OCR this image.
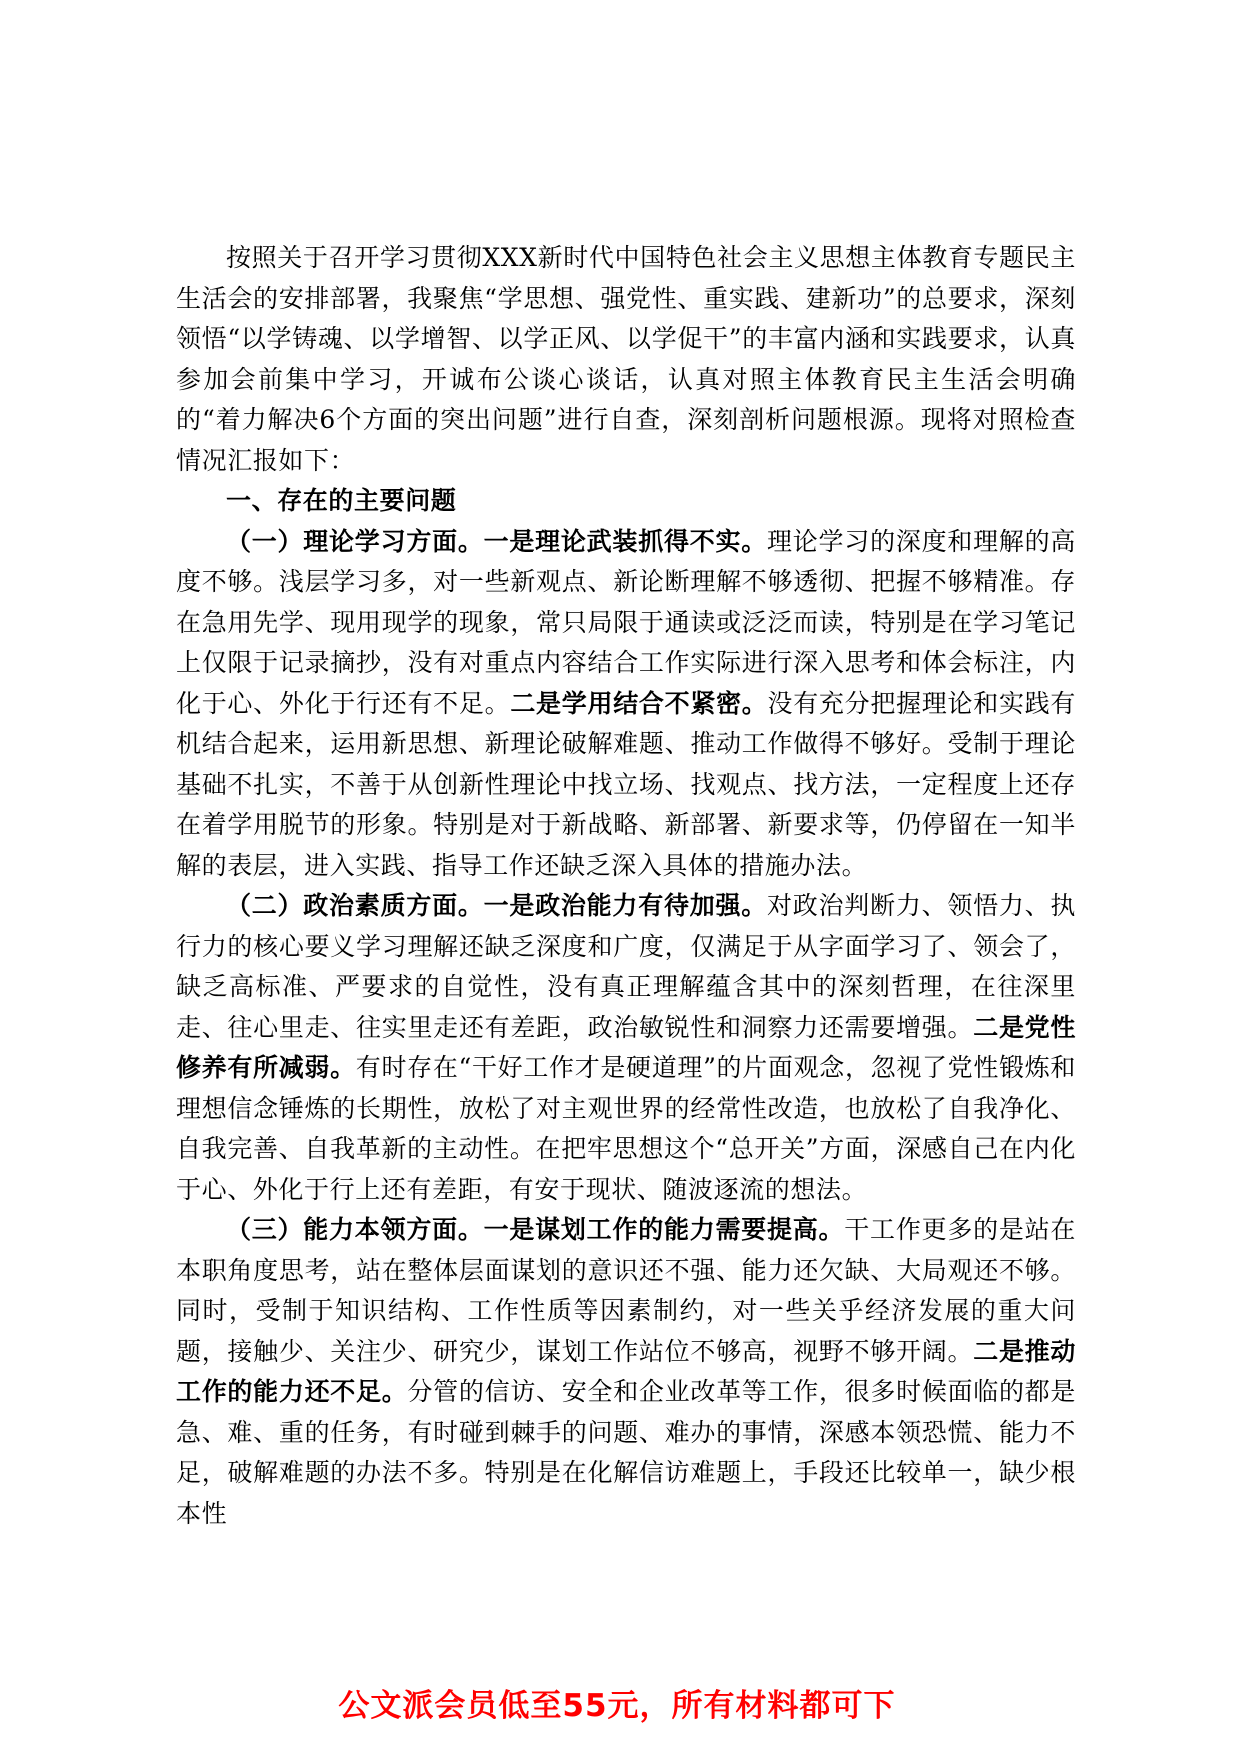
按照关于召开学习贯彻XXX新时代中国特色社会主义思想主体教育专题民主生活会的安排部署，我聚焦“学思想、强党性、重实践、建新功”的总要求，深刻领悟“以学铸魂、以学增智、以学正风、以学促干”的丰富内涵和实践要求，认真参加会前集中学习，开诚布公谈心谈话，认真对照主体教育民主生活会明确的“着力解决6个方面的突出问题”进行自查，深刻剖析问题根源。现将对照检查情况汇报如下：

一、存在的主要问题

（一）理论学习方面。一是理论武装抓得不实。理论学习的深度和理解的高度不够。浅层学习多，对一些新观点、新论断理解不够透彻、把握不够精准。存在急用先学、现用现学的现象，常只局限于通读或泛泛而读，特别是在学习笔记上仅限于记录摘抄，没有对重点内容结合工作实际进行深入思考和体会标注，内化于心、外化于行还有不足。二是学用结合不紧密。没有充分把握理论和实践有机结合起来，运用新思想、新理论破解难题、推动工作做得不够好。受制于理论基础不扎实，不善于从创新性理论中找立场、找观点、找方法，一定程度上还存在着学用脱节的形象。特别是对于新战略、新部署、新要求等，仍停留在一知半解的表层，进入实践、指导工作还缺乏深入具体的措施办法。

（二）政治素质方面。一是政治能力有待加强。对政治判断力、领悟力、执行力的核心要义学习理解还缺乏深度和广度，仅满足于从字面学习了、领会了，缺乏高标准、严要求的自觉性，没有真正理解蕴含其中的深刻哲理，在往深里走、往心里走、往实里走还有差距，政治敏锐性和洞察力还需要增强。二是党性修养有所减弱。有时存在“干好工作才是硬道理”的片面观念，忽视了党性锻炼和理想信念锤炼的长期性，放松了对主观世界的经常性改造，也放松了自我净化、自我完善、自我革新的主动性。在把牢思想这个“总开关”方面，深感自己在内化于心、外化于行上还有差距，有安于现状、随波逐流的想法。

（三）能力本领方面。一是谋划工作的能力需要提高。干工作更多的是站在本职角度思考，站在整体层面谋划的意识还不强、能力还欠缺、大局观还不够。同时，受制于知识结构、工作性质等因素制约，对一些关乎经济发展的重大问题，接触少、关注少、研究少，谋划工作站位不够高，视野不够开阔。二是推动工作的能力还不足。分管的信访、安全和企业改革等工作，很多时候面临的都是急、难、重的任务，有时碰到棘手的问题、难办的事情，深感本领恐慌、能力不足，破解难题的办法不多。特别是在化解信访难题上，手段还比较单一，缺少根本性

公文派会员低至55元，所有材料都可下
